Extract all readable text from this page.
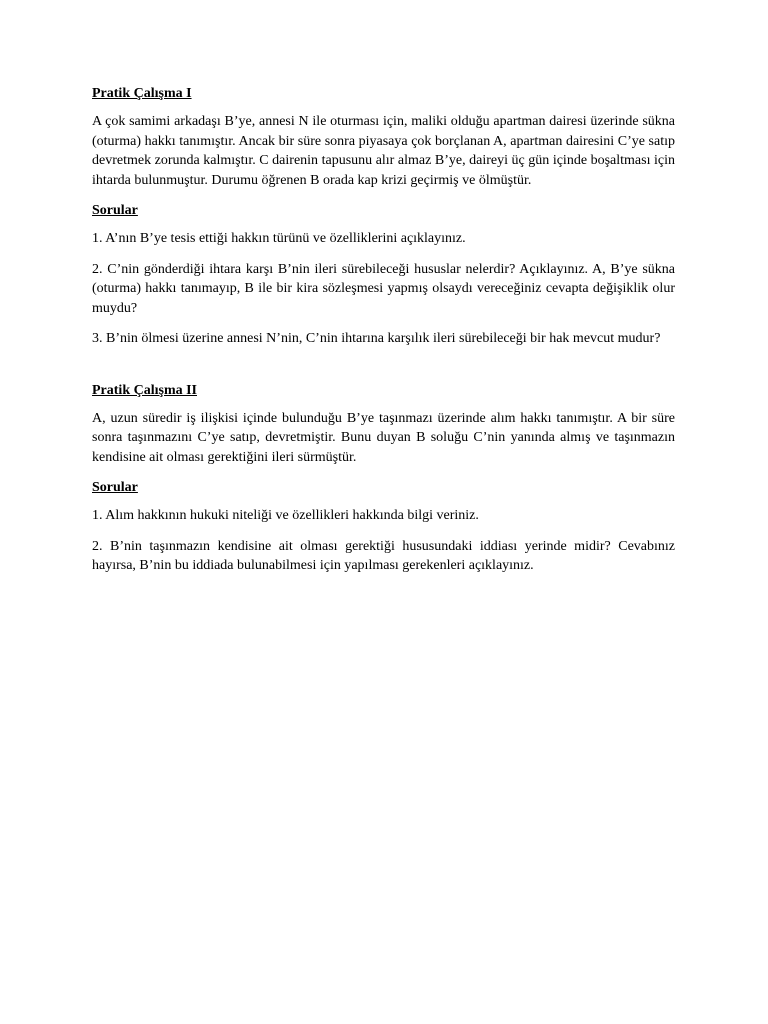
Pratik Çalışma I

A çok samimi arkadaşı B’ye, annesi N ile oturması için, maliki olduğu apartman dairesi üzerinde sükna (oturma) hakkı tanımıştır. Ancak bir süre sonra piyasaya çok borçlanan A, apartman dairesini C’ye satıp devretmek zorunda kalmıştır. C dairenin tapusunu alır almaz B’ye, daireyi üç gün içinde boşaltması için ihtarda bulunmuştur. Durumu öğrenen B orada kap krizi geçirmiş ve ölmüştür.

Sorular

1. A’nın B’ye tesis ettiği hakkın türünü ve özelliklerini açıklayınız.

2. C’nin gönderdiği ihtara karşı B’nin ileri sürebileceği hususlar nelerdir? Açıklayınız. A, B’ye sükna (oturma) hakkı tanımayıp, B ile bir kira sözleşmesi yapmış olsaydı vereceğiniz cevapta değişiklik olur muydu?

3. B’nin ölmesi üzerine annesi N’nin, C’nin ihtarına karşılık ileri sürebileceği bir hak mevcut mudur?

Pratik Çalışma II

A, uzun süredir iş ilişkisi içinde bulunduğu B’ye taşınmazı üzerinde alım hakkı tanımıştır. A bir süre sonra taşınmazını C’ye satıp, devretmiştir. Bunu duyan B soluğu C’nin yanında almış ve taşınmazın kendisine ait olması gerektiğini ileri sürmüştür.

Sorular

1. Alım hakkının hukuki niteliği ve özellikleri hakkında bilgi veriniz.

2. B’nin taşınmazın kendisine ait olması gerektiği hususundaki iddiası yerinde midir? Cevabınız hayırsa, B’nin bu iddiada bulunabilmesi için yapılması gerekenleri açıklayınız.
